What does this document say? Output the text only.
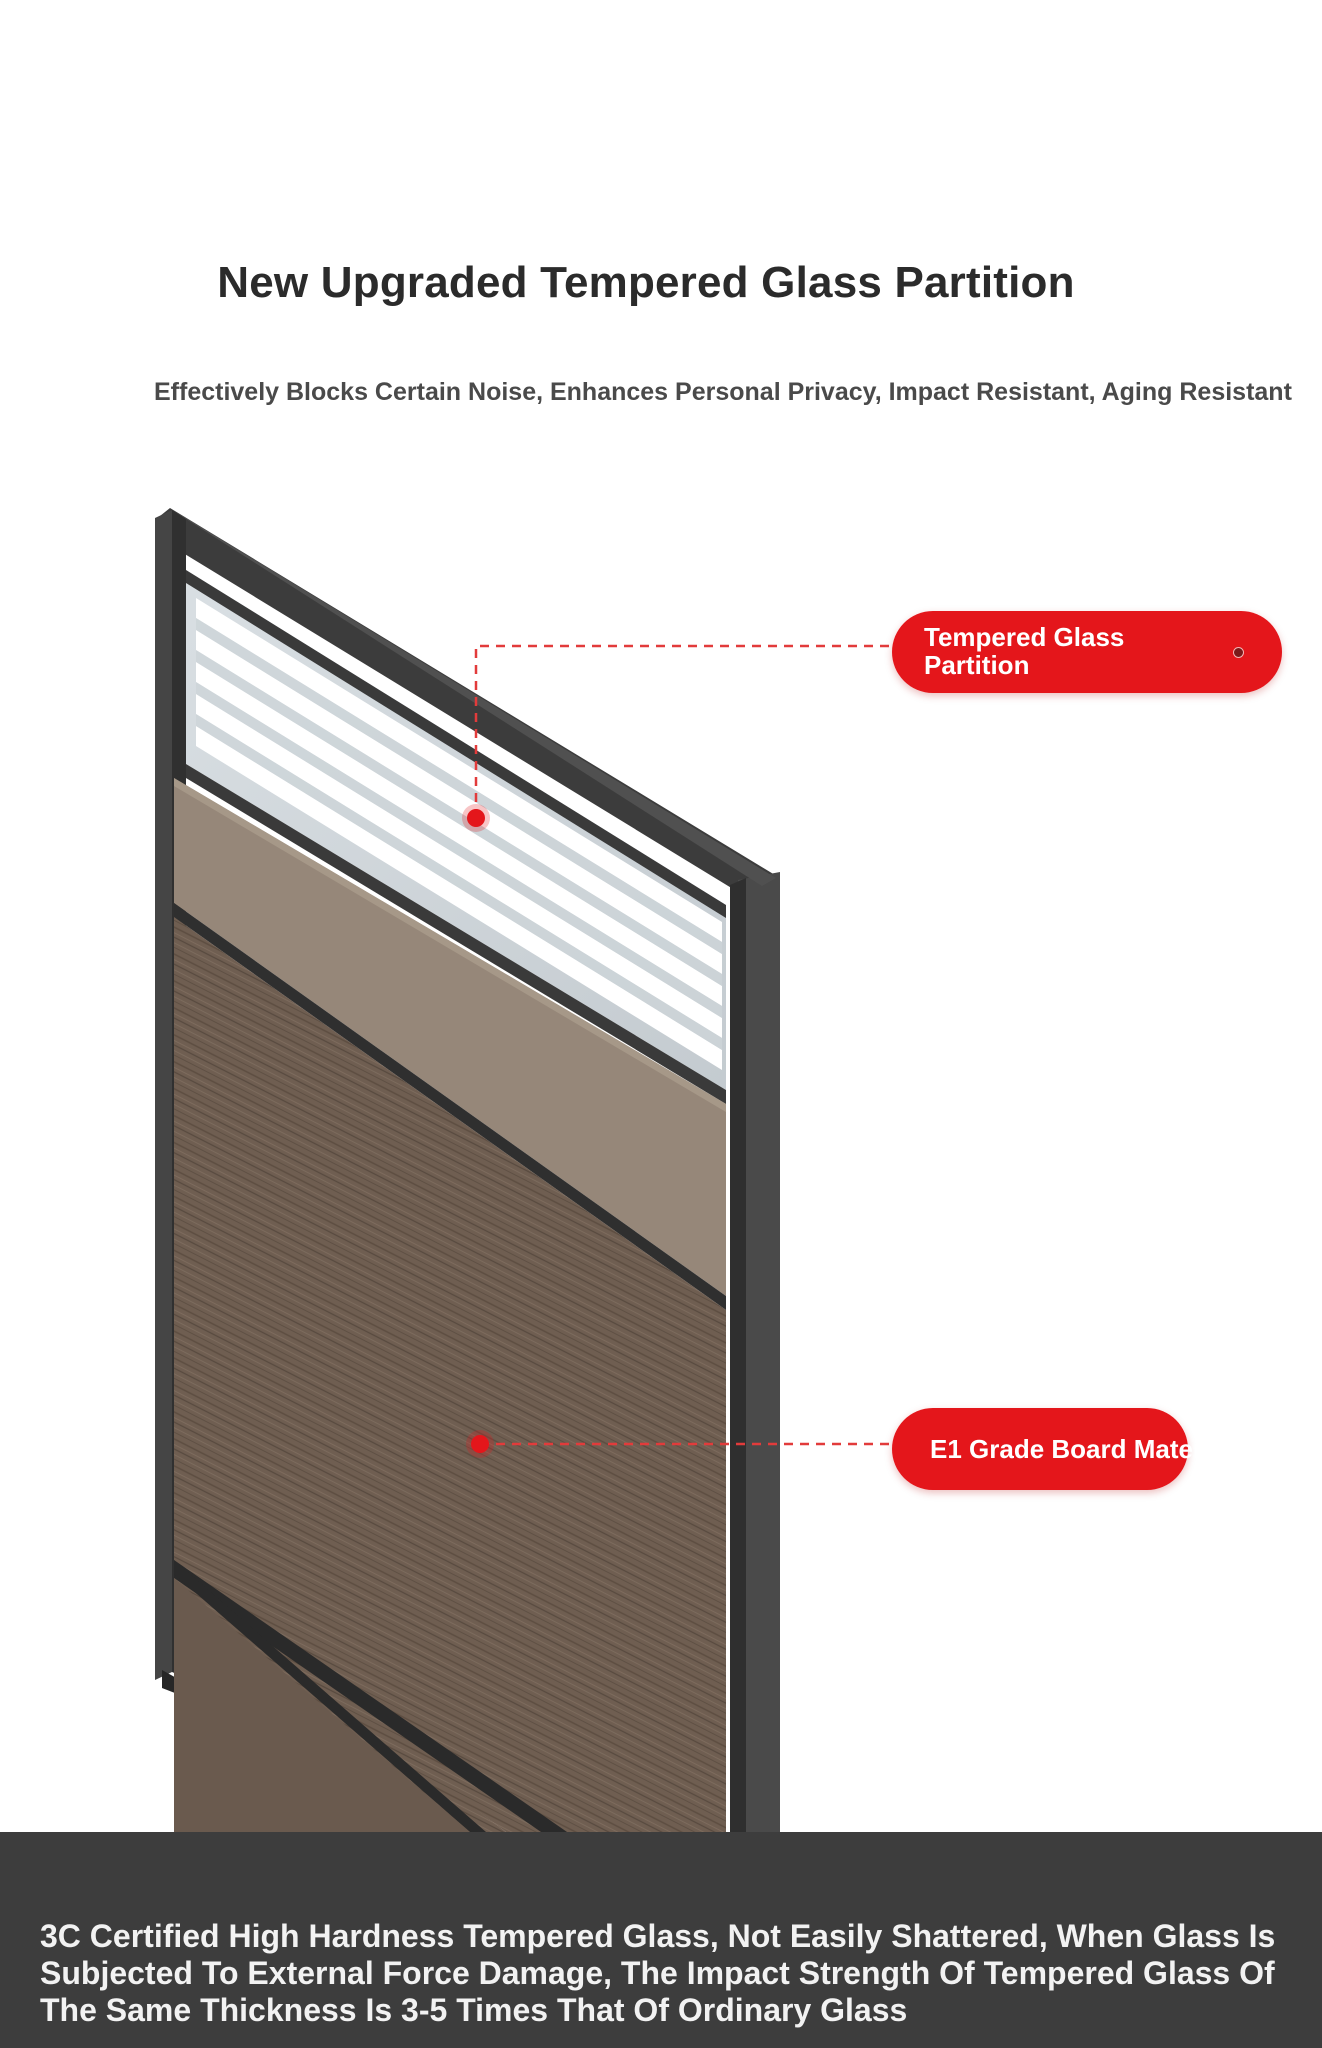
New Upgraded Tempered Glass Partition

Effectively Blocks Certain Noise, Enhances Personal Privacy, Impact Resistant, Aging Resistant

Tempered Glass Partition
E1 Grade Board Material

3C Certified High Hardness Tempered Glass, Not Easily Shattered, When Glass Is Subjected To External Force Damage, The Impact Strength Of Tempered Glass Of The Same Thickness Is 3-5 Times That Of Ordinary Glass
